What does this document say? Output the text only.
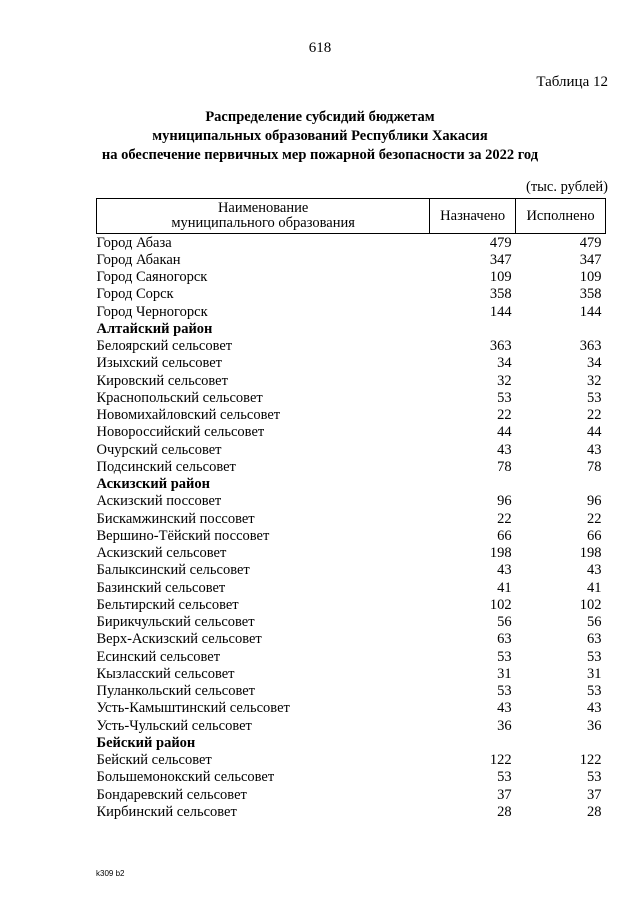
618
Таблица 12
Распределение субсидий бюджетам
муниципальных образований Республики Хакасия
на обеспечение первичных мер пожарной безопасности за 2022 год
(тыс. рублей)
Наименование
муниципального образования	Назначено	Исполнено
Город Абаза	479	479
Город Абакан	347	347
Город Саяногорск	109	109
Город Сорск	358	358
Город Черногорск	144	144
Алтайский район		
Белоярский сельсовет	363	363
Изыхский сельсовет	34	34
Кировский сельсовет	32	32
Краснопольский сельсовет	53	53
Новомихайловский сельсовет	22	22
Новороссийский сельсовет	44	44
Очурский сельсовет	43	43
Подсинский сельсовет	78	78
Аскизский район		
Аскизский поссовет	96	96
Бискамжинский поссовет	22	22
Вершино-Тёйский поссовет	66	66
Аскизский сельсовет	198	198
Балыксинский сельсовет	43	43
Базинский сельсовет	41	41
Бельтирский сельсовет	102	102
Бирикчульский сельсовет	56	56
Верх-Аскизский сельсовет	63	63
Есинский сельсовет	53	53
Кызласский сельсовет	31	31
Пуланкольский сельсовет	53	53
Усть-Камыштинский сельсовет	43	43
Усть-Чульский сельсовет	36	36
Бейский район		
Бейский сельсовет	122	122
Большемонокский сельсовет	53	53
Бондаревский сельсовет	37	37
Кирбинский сельсовет	28	28
k309 b2
